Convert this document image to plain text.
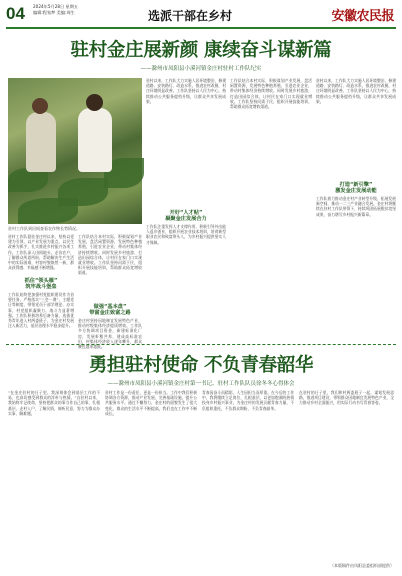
04 2024年5月28日 星期五
编辑:程家梦 美编:周生	选派干部在乡村	安徽农民报
驻村金庄展新颜 康续奋斗谋新篇
——滁州市凤阳县小溪河镇金庄村驻村工作队纪实
驻村工作队到田间查看农作物长势情况。
驻村工作队派驻金庄村以来，坚持以党建为引领，以产业发展为重点，以民生改善为抓手，扎实推进乡村振兴各项工作。工作队深入田间地头，走访农户，了解群众所思所盼，帮助解决生产生活中的实际困难，村容村貌焕然一新，群众获得感、幸福感不断增强。
抓住“领头雁”
筑牢战斗堡垒
工作队始终把加强村党组织建设作为首要任务，严格落实“三会一课”、主题党日等制度，带领党员干部学理论、办实事，村党组织凝聚力、战斗力显著增强。工作队积极培养后备力量，选拔优秀青年进入村两委班子，为金庄村发展注入新活力，基层治理水平稳步提升。
工作队结合本村实际，积极谋划产业发展，盘活闲置资源，发展特色种植养殖，引进农业企业，带动村集体经济持续增收。同时发展乡村旅游，打造田园综合体，让村民在家门口实现就业增收。工作队坚持问需于民，组织开展技能培训，帮助群众拓宽增收渠道。
做强“基本盘”
带富金庄致富之路
金庄村坚持因地制宜发展特色产业，推动村级集体经济提质增效。工作队多方协调项目资金，新建标准化厂房，发展虾稻共养，建成高标准农田，村集体经济收入逐年攀升，群众腰包越来越鼓。
驻村以来，工作队大力实施人居环境整治，修建道路、安装路灯、改造水系，推进农村改厕，村庄环境明显改善。工作队坚持以人民为中心，持续推动公共服务提档升级，让群众共享发展成果。
开好“人才帖”
凝聚金庄发展合力
工作队注重发挥人才支撑作用，积极引导外出能人返乡创业，组织开展农业技术培训，培育新型职业农民和致富带头人，为乡村振兴提供坚实人才保障。
工作队结合本村实际，积极谋划产业发展，盘活闲置资源，发展特色种植养殖，引进农业企业，带动村集体经济持续增收。同时发展乡村旅游，打造田园综合体，让村民在家门口实现就业增收。工作队坚持问需于民，组织开展技能培训，帮助群众拓宽增收渠道。
驻村以来，工作队大力实施人居环境整治，修建道路、安装路灯、改造水系，推进农村改厕，村庄环境明显改善。工作队坚持以人民为中心，持续推动公共服务提档升级，让群众共享发展成果。
打造“新引擎”
激发金庄发展动能
工作队着力推动金庄村产业转型升级，拓展发展新空间，推动一二三产业融合发展。金庄村将继续在驻村工作队带领下，持续巩固拓展脱贫攻坚成果，奋力谱写乡村振兴新篇章。
勇担驻村使命 不负青春韶华
——滁州市凤阳县小溪河镇金庄村第一书记、驻村工作队队员徐冬冬心得体会
“在金庄驻村的日子里，我深刻体会到基层工作的不易，也真切感受到群众的淳朴与热情。”自驻村以来，我始终牢记使命，坚持把群众的事当作自己的事，扎根基层，走村入户，了解民情，倾听民意，努力为群众办实事、解难题。
驻村工作是一份责任，更是一份担当。工作中我们积极协调各方资源，推动产业发展，完善基础设施，提升公共服务水平。通过不懈努力，金庄村的面貌发生了很大变化，群众的生活水平不断提高，我们也在工作中不断成长。
青春因奋斗而精彩，人生因担当而厚重。在今后的工作中，我将继续立足岗位，扎根基层，以更加饱满的热情投身乡村振兴事业，为金庄村的发展贡献青春力量，不负组织重托，不负群众期盼，不负青春韶华。
在驻村的日子里，我们和村两委班子一起，谋划发展思路，推进项目建设，带领群众因地制宜发展特色产业，全力推动乡村全面振兴，用实际行动书写青春答卷。
（本版稿件由凤阳县委组织部提供）
